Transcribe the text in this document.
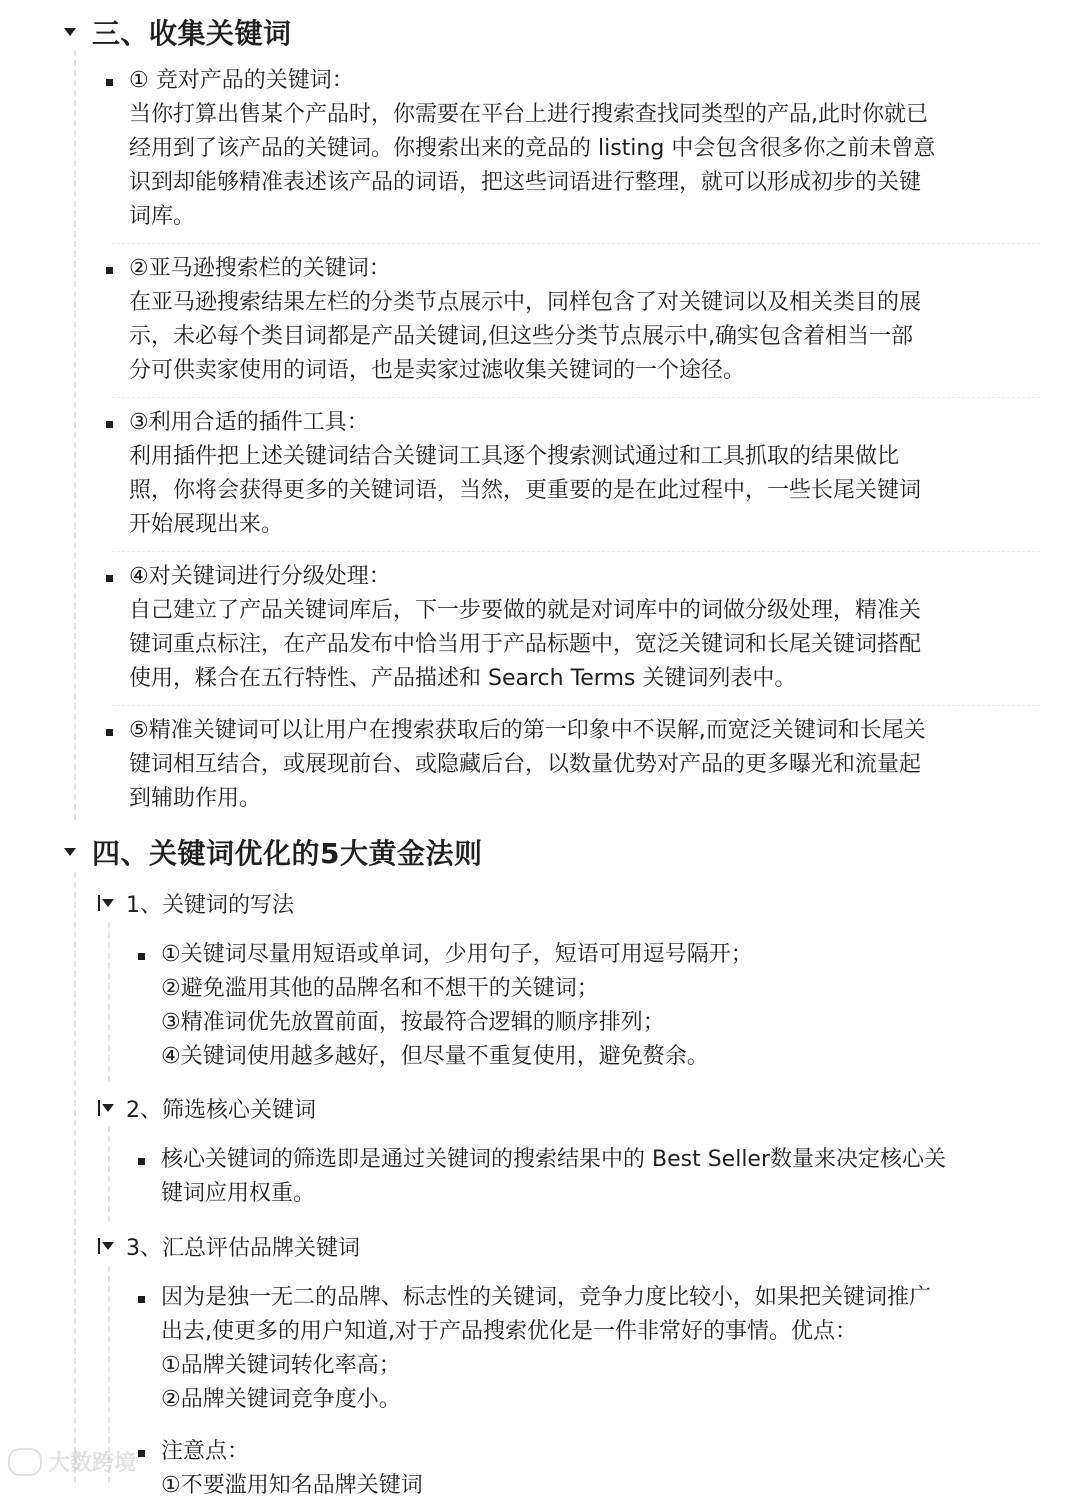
三、收集关键词
① 竞对产品的关键词：
当你打算出售某个产品时，你需要在平台上进行搜索查找同类型的产品,此时你就已
经用到了该产品的关键词。你搜索出来的竞品的 listing 中会包含很多你之前未曾意
识到却能够精准表述该产品的词语，把这些词语进行整理，就可以形成初步的关键
词库。
②亚马逊搜索栏的关键词：
在亚马逊搜索结果左栏的分类节点展示中，同样包含了对关键词以及相关类目的展
示，未必每个类目词都是产品关键词,但这些分类节点展示中,确实包含着相当一部
分可供卖家使用的词语，也是卖家过滤收集关键词的一个途径。
③利用合适的插件工具：
利用插件把上述关键词结合关键词工具逐个搜索测试通过和工具抓取的结果做比
照，你将会获得更多的关键词语，当然，更重要的是在此过程中，一些长尾关键词
开始展现出来。
④对关键词进行分级处理：
自己建立了产品关键词库后，下一步要做的就是对词库中的词做分级处理，精准关
键词重点标注，在产品发布中恰当用于产品标题中，宽泛关键词和长尾关键词搭配
使用，糅合在五行特性、产品描述和 Search Terms 关键词列表中。
⑤精准关键词可以让用户在搜索获取后的第一印象中不误解,而宽泛关键词和长尾关
键词相互结合，或展现前台、或隐藏后台，以数量优势对产品的更多曝光和流量起
到辅助作用。
四、关键词优化的5大黄金法则
1、关键词的写法
①关键词尽量用短语或单词，少用句子，短语可用逗号隔开；
②避免滥用其他的品牌名和不想干的关键词；
③精准词优先放置前面，按最符合逻辑的顺序排列；
④关键词使用越多越好，但尽量不重复使用，避免赘余。
2、筛选核心关键词
核心关键词的筛选即是通过关键词的搜索结果中的 Best Seller数量来决定核心关
键词应用权重。
3、汇总评估品牌关键词
因为是独一无二的品牌、标志性的关键词，竞争力度比较小，如果把关键词推广
出去,使更多的用户知道,对于产品搜索优化是一件非常好的事情。优点：
①品牌关键词转化率高；
②品牌关键词竞争度小。
注意点：
①不要滥用知名品牌关键词
大数跨境
